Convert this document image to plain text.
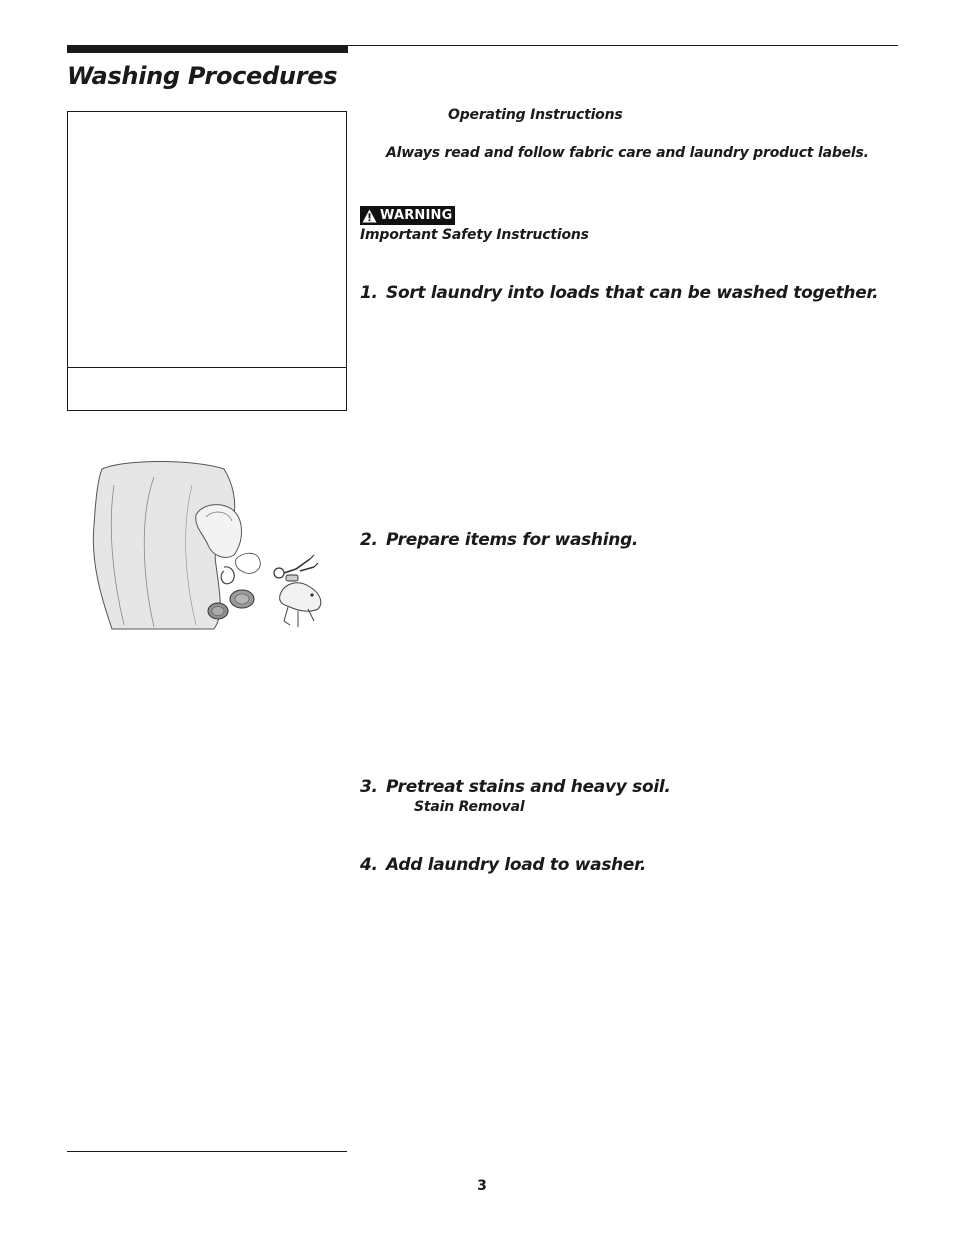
Washing Procedures
Operating Instructions
Always read and follow fabric care and laundry product labels.
WARNING
Important Safety Instructions
1. Sort laundry into loads that can be washed together.
2. Prepare items for washing.
3. Pretreat stains and heavy soil.
Stain Removal
4. Add laundry load to washer.
3
